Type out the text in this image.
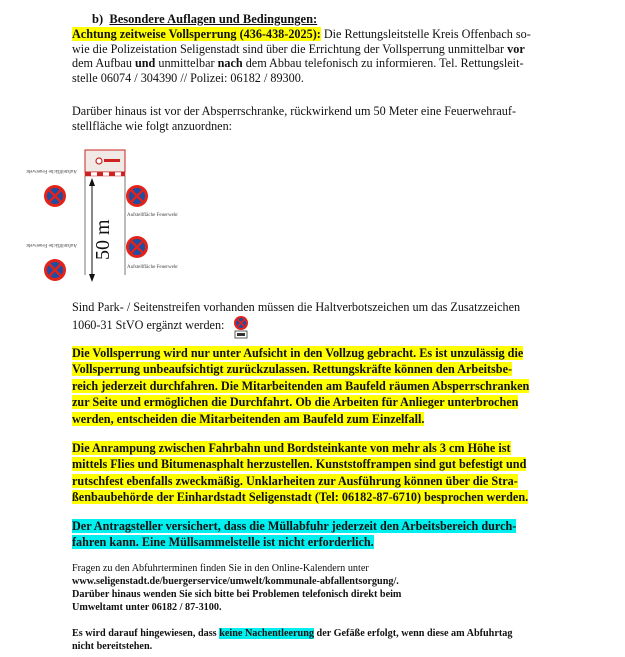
b) Besondere Auflagen und Bedingungen:

Achtung zeitweise Vollsperrung (436-438-2025): Die Rettungsleitstelle Kreis Offenbach so-
wie die Polizeistation Seligenstadt sind über die Errichtung der Vollsperrung unmittelbar vor
dem Aufbau und unmittelbar nach dem Abbau telefonisch zu informieren. Tel. Rettungsleit-
stelle 06074 / 304390 // Polizei: 06182 / 89300.
Darüber hinaus ist vor der Absperrschranke, rückwirkend um 50 Meter eine Feuerwehrauf-
stellfläche wie folgt anzuordnen:
50 m
Aufstellfläche Feuerwehr
Aufstellfläche Feuerwehr
Aufstellfläche Feuerwehr
Aufstellfläche Feuerwehr
Sind Park- / Seitenstreifen vorhanden müssen die Haltverbotszeichen um das Zusatzzeichen
1060-31 StVO ergänzt werden:
Die Vollsperrung wird nur unter Aufsicht in den Vollzug gebracht. Es ist unzulässig die
Vollsperrung unbeaufsichtigt zurückzulassen. Rettungskräfte können den Arbeitsbe-
reich jederzeit durchfahren. Die Mitarbeitenden am Baufeld räumen Absperrschranken
zur Seite und ermöglichen die Durchfahrt. Ob die Arbeiten für Anlieger unterbrochen
werden, entscheiden die Mitarbeitenden am Baufeld zum Einzelfall.
Die Anrampung zwischen Fahrbahn und Bordsteinkante von mehr als 3 cm Höhe ist
mittels Flies und Bitumenasphalt herzustellen. Kunststofframpen sind gut befestigt und
rutschfest ebenfalls zweckmäßig. Unklarheiten zur Ausführung können über die Stra-
ßenbaubehörde der Einhardstadt Seligenstadt (Tel: 06182-87-6710) besprochen werden.
Der Antragsteller versichert, dass die Müllabfuhr jederzeit den Arbeitsbereich durch-
fahren kann. Eine Müllsammelstelle ist nicht erforderlich.
Fragen zu den Abfuhrterminen finden Sie in den Online-Kalendern unter
www.seligenstadt.de/buergerservice/umwelt/kommunale-abfallentsorgung/.
Darüber hinaus wenden Sie sich bitte bei Problemen telefonisch direkt beim
Umweltamt unter 06182 / 87-3100.
Es wird darauf hingewiesen, dass keine Nachentleerung der Gefäße erfolgt, wenn diese am Abfuhrtag
nicht bereitstehen.
